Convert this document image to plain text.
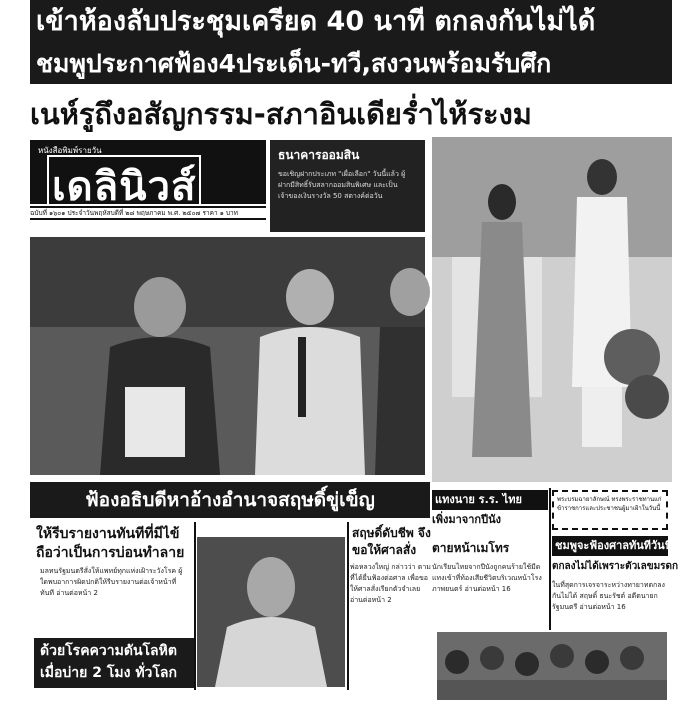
เข้าห้องลับประชุมเครียด 40 นาที ตกลงกันไม่ได้
ชมพูประกาศฟ้อง4ประเด็น-ทวี,สงวนพร้อมรับศึก
เนห์รูถึงอสัญกรรม-สภาอินเดียร่ำไห้ระงม
หนังสือพิมพ์รายวัน
เดลินิวส์
ฉบับที่ ๑๖๐๑ ประจำวันพฤหัสบดีที่ ๒๘ พฤษภาคม พ.ศ. ๒๕๐๗ ราคา ๑ บาท
ธนาคารออมสิน
ขอเชิญฝากประเภท "เผื่อเลือก" วันนี้แล้ว ผู้ฝากมีสิทธิ์รับสลากออมสินพิเศษ และเป็นเจ้าของเงินรางวัล 50 สตางค์ต่อวัน
ฟ้องอธิบดีหาอ้างอำนาจสฤษดิ์ขู่เข็ญ
ให้รีบรายงานทันทีที่มีไข้ ถือว่าเป็นการบ่อนทำลาย
มลทนรัฐมนตรีสั่งให้แพทย์ทุกแห่งเฝ้าระวังโรค ผู้ใดพบอาการผิดปกติให้รีบรายงานต่อเจ้าหน้าที่ทันที อ่านต่อหน้า 2
ด้วยโรคความดันโลหิต เมื่อบ่าย 2 โมง ทั่วโลกสลด
สฤษดิ์ดับชีพ จึงขอให้ศาลสั่ง
พ่อหลวงใหญ่ กล่าวว่า ตามที่ได้ยื่นฟ้องต่อศาล เพื่อขอให้ศาลสั่งเรียกตัวจำเลย อ่านต่อหน้า 2
แทงนาย ร.ร. ไทย
เพิ่งมาจากปีนัง
ตายหน้าเมโทร
นักเรียนไทยจากปีนังถูกคนร้ายใช้มีดแทงเข้าที่ท้องเสียชีวิตบริเวณหน้าโรงภาพยนตร์ อ่านต่อหน้า 16
พระบรมฉายาลักษณ์ ทรงพระราชทานแก่ข้าราชการและประชาชนผู้มาเฝ้าในวันนี้
ชมพูจะฟ้องศาลทันทีวันนี้
ตกลงไม่ได้เพราะตัวเลขมรดก
ในที่สุดการเจรจาระหว่างทายาทตกลงกันไม่ได้ สฤษดิ์ ธนะรัชต์ อดีตนายกรัฐมนตรี อ่านต่อหน้า 16
